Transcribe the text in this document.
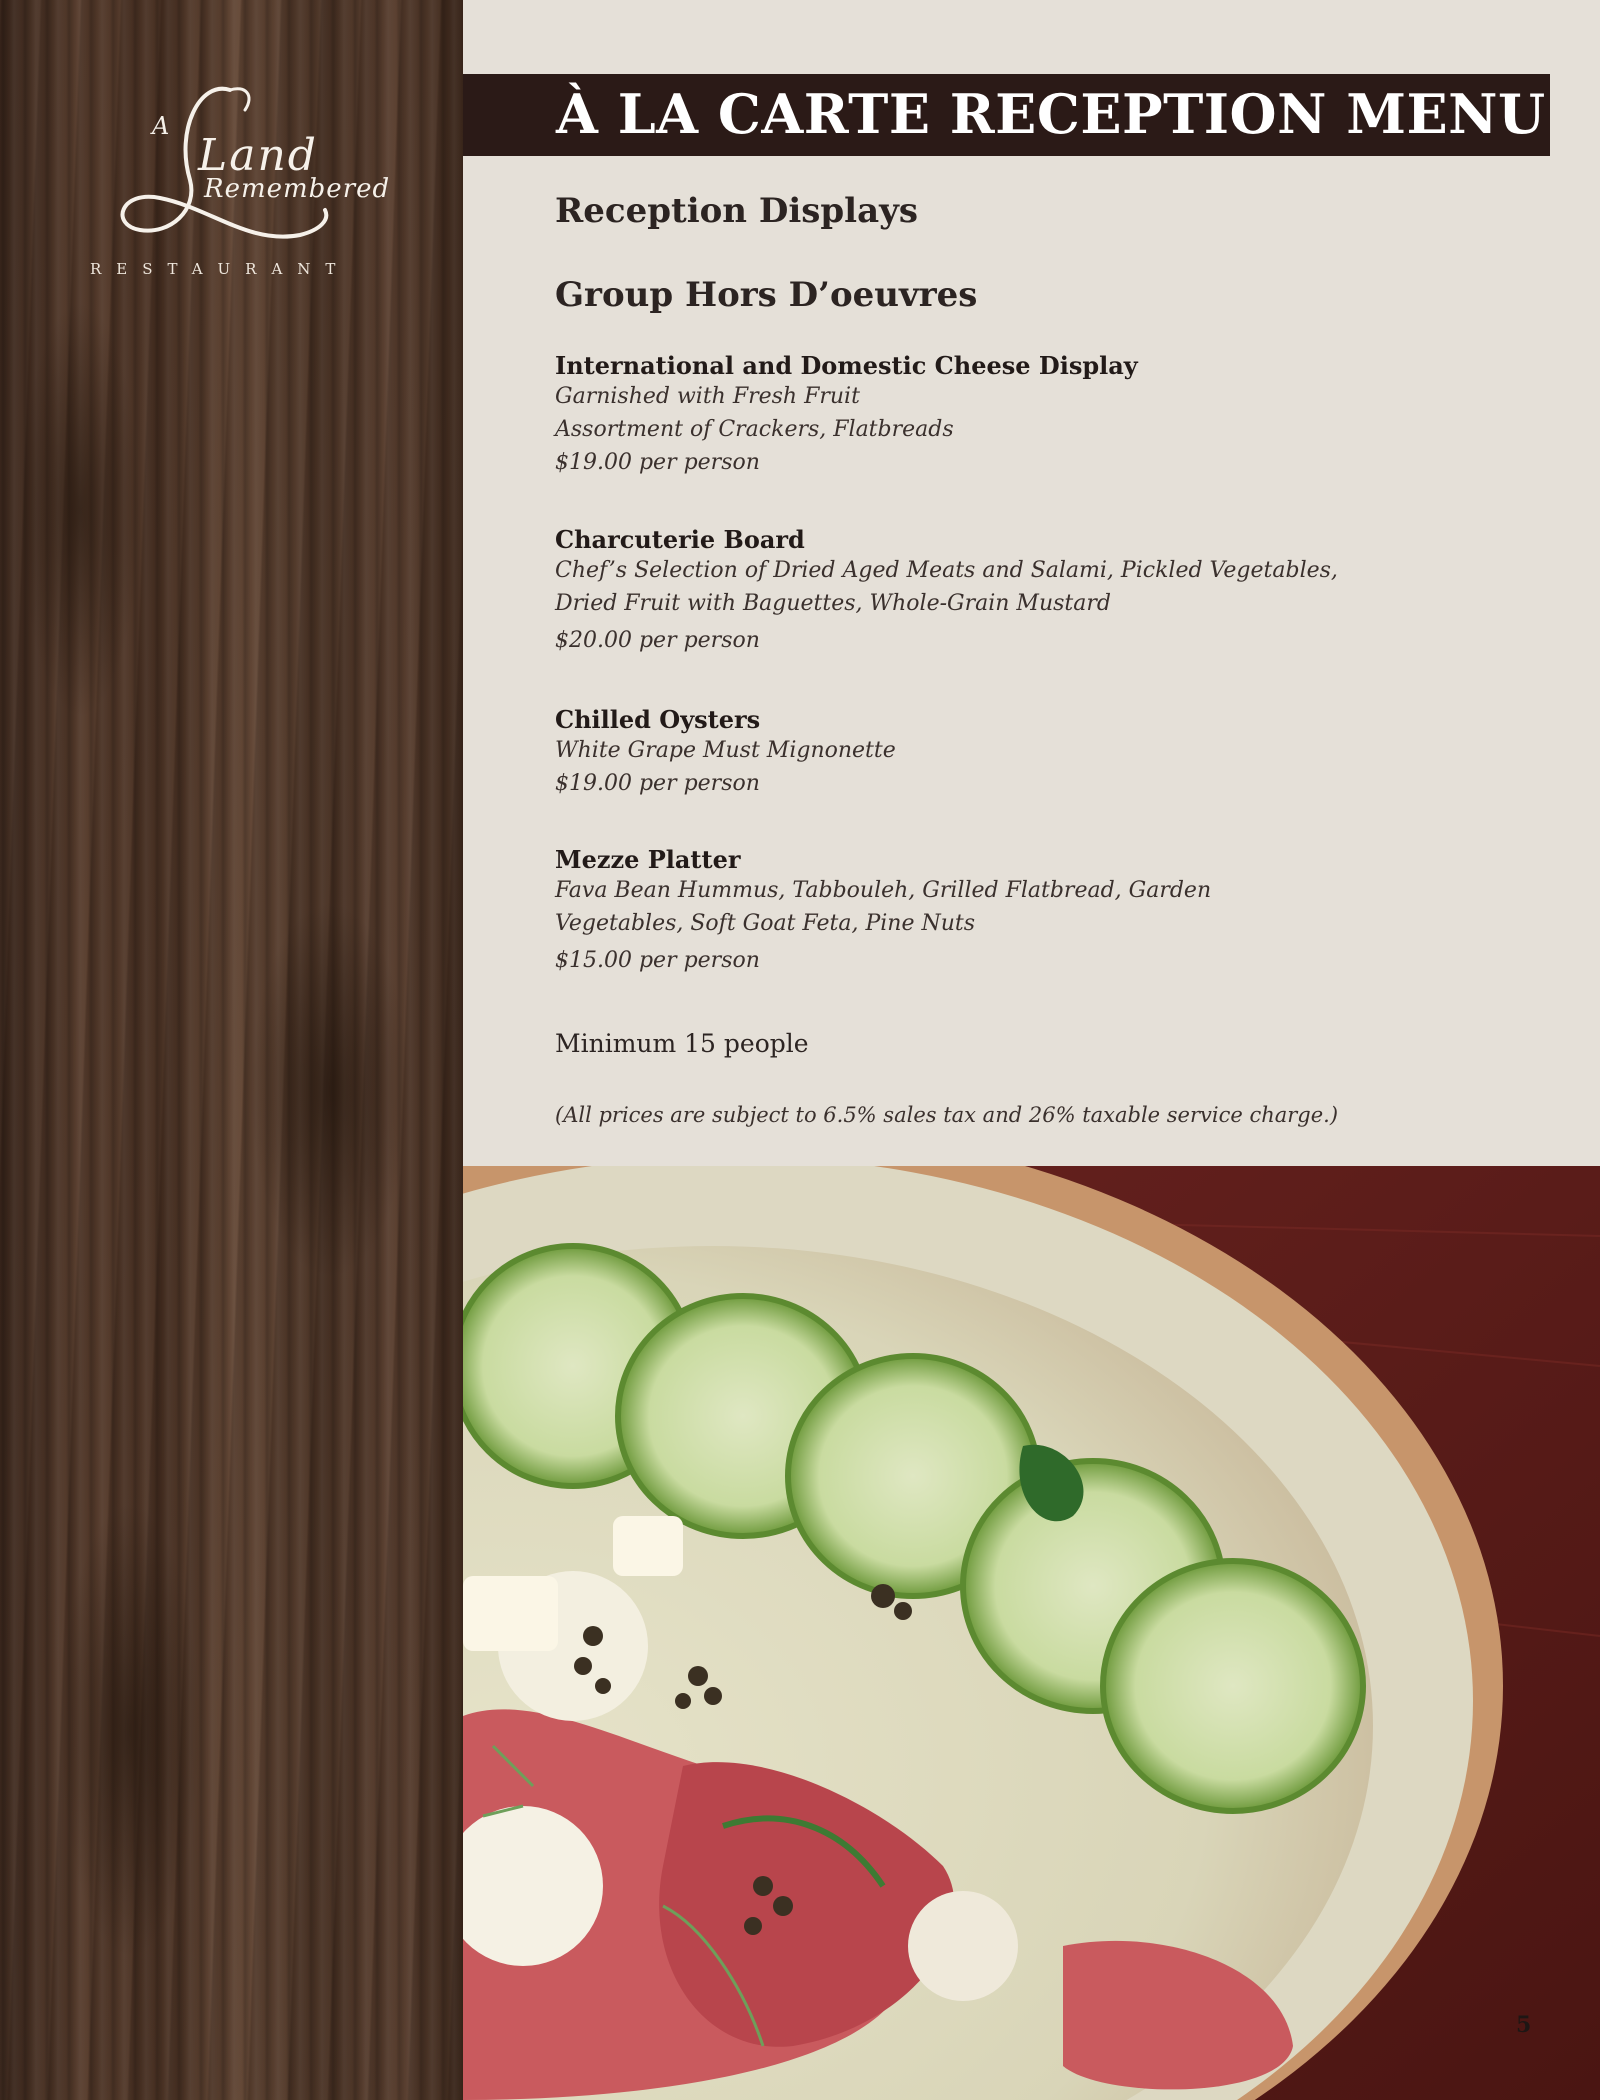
A
Land
Remembered
RESTAURANT
À LA CARTE RECEPTION MENU
Reception Displays
Group Hors D’oeuvres
International and Domestic Cheese Display
Garnished with Fresh Fruit
Assortment of Crackers, Flatbreads
$19.00 per person
Charcuterie Board
Chef’s Selection of Dried Aged Meats and Salami, Pickled Vegetables,
Dried Fruit with Baguettes, Whole-Grain Mustard
$20.00 per person
Chilled Oysters
White Grape Must Mignonette
$19.00 per person
Mezze Platter
Fava Bean Hummus, Tabbouleh, Grilled Flatbread, Garden
Vegetables, Soft Goat Feta, Pine Nuts
$15.00 per person
Minimum 15 people
(All prices are subject to 6.5% sales tax and 26% taxable service charge.)
5
